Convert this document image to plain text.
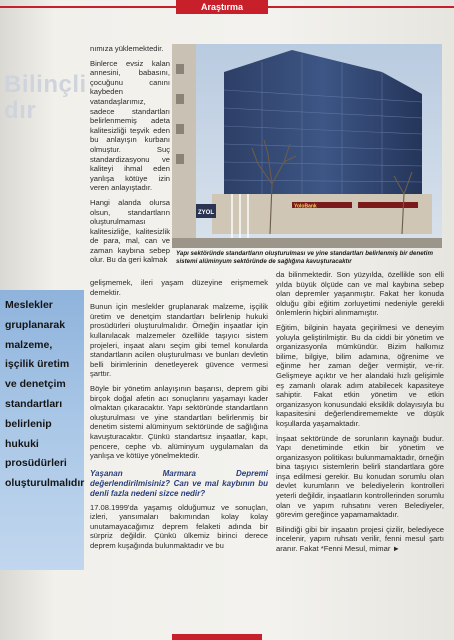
Araştırma
Bilinçli
dır
Meslekler
gruplanarak
malzeme,
işçilik üretim
ve denetçim
standartları
belirlenip
hukuki
prosüdürleri
oluşturulmalıdır
YoloBank
ZYOL
Yapı sektöründe standartların oluşturulması ve yine standartları belirlenmiş bir denetim sistemi alüminyum sektöründe de sağlığına kavuşturacaktır

nımıza yüklemektedir.

Binlerce evsiz kalan annesini, babasını, çocuğunu canını kaybeden vatandaşlarımız, sadece standartları belirlenmemiş adeta kalitesizliği teşvik eden bu anlayışın kurbanı olmuştur. Suç standardizasyonu ve kaliteyi ihmal eden yanlışa kötüye izin veren anlayıştadır.

Hangi alanda olursa olsun, standartların oluşturulmaması kalitesizliğe, kalitesizlik de para, mal, can ve zaman kaybına sebep olur. Bu da geri kalmak

gelişmemek, ileri yaşam düzeyine erişmemek demektir.

Bunun için meslekler gruplanarak malzeme, işçilik üretim ve denetçim standartları belirlenip hukuki prosüdürleri oluşturulmalıdır. Örneğin inşaatlar için kullanılacak malzemeler özellikle taşıyıcı sistem projeleri, inşaat alanı seçim gibi temel konularda standartların acilen oluşturulması ve bunları devletin belli birimlerinin denetleyerek güvence vermesi şarttır.

Böyle bir yönetim anlayışının başarısı, deprem gibi birçok doğal afetin acı sonuçlarını yaşamayı kader olmaktan çıkaracaktır. Yapı sektöründe standartların oluşturulması ve yine standartları belirlenmiş bir denetim sistemi alüminyum sektöründe de sağlığına kavuşturacaktır. Çünkü standartsız inşaatlar, kapı, pencere, cephe vb. alüminyum uygulamaları da yanlışa ve kötüye yönelmektedir.

Yaşanan Marmara Depremi değerlendirilmisiniz? Can ve mal kaybının bu denli fazla nedeni sizce nedir?

17.08.1999'da yaşamış olduğumuz ve sonuçları, izleri, yansımaları bakımından kolay kolay unutamayacağımız deprem felaketi adında bir sürpriz değildir. Çünkü ülkemiz birinci derece deprem kuşağında bulunmaktadır ve bu

da bilinmektedir. Son yüzyılda, özellikle son elli yılda büyük ölçüde can ve mal kaybına sebep olan depremler yaşanmıştır. Fakat her konuda olduğu gibi eğitim zorluyetimi nedeniyle gerekli önlemlerin hiçbiri alınmamıştır.

Eğitim, bilginin hayata geçirilmesi ve deneyim yoluyla geliştirilmiştir. Bu da ciddi bir yönetim ve organizasyonla mümkündür. Bizim halkımız bilime, bilgiye, bilim adamına, öğrenime ve eğinme her zaman değer vermiştir, ve-rir. Gelişmeye açıktır ve her alandaki hızlı gelişimle eş zamanlı olarak adım atabilecek kapasiteye sahiptir. Fakat etkin yönetim ve etkin organizasyon konusundaki eksiklik dolayısıyla bu kapasitesini değerlendirememekte ve düşük koşullarda yaşamaktadır.

İnşaat sektöründe de sorunların kaynağı budur. Yapı denetiminde etkin bir yönetim ve organizasyon politikası bulunmamaktadır, örneğin bina taşıyıcı sistemlerin belirli standartlara göre inşa edilmesi gerekir. Bu konudan sorumlu olan devlet kurumların ve belediyelerin kontrolleri yeterli değildir, inşaatların kontrollerinden sorumlu olan ve yapım ruhsatını veren Belediyeler, görevim gereğince yapamamaktadır.

Bilindiği gibi bir inşaatın projesi çizilir, belediyece incelenir, yapım ruhsatı verilir, fenni mesul şartı aranır. Fakat *Fenni Mesul, mimar ►
